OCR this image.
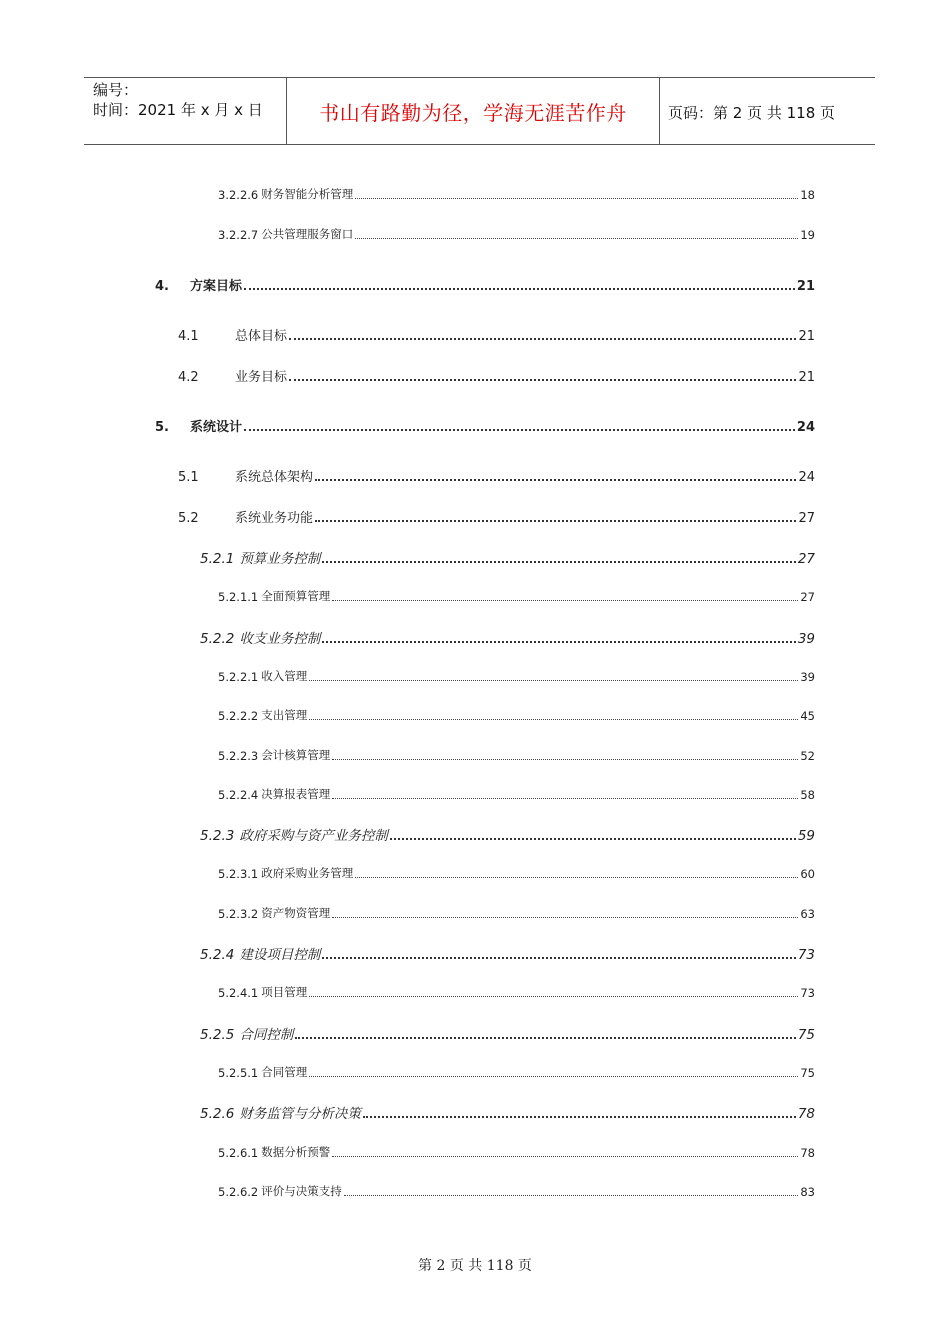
编号：
时间：2021 年 x 月 x 日	书山有路勤为径，学海无涯苦作舟	页码：第 2 页 共 118 页
3.2.2.6 财务智能分析管理	18
3.2.2.7 公共管理服务窗口	19
4.	方案目标	21
4.1	总体目标	21
4.2	业务目标	21
5.	系统设计	24
5.1	系统总体架构	24
5.2	系统业务功能	27
5.2.1 预算业务控制	27
5.2.1.1 全面预算管理	27
5.2.2 收支业务控制	39
5.2.2.1 收入管理	39
5.2.2.2 支出管理	45
5.2.2.3 会计核算管理	52
5.2.2.4 决算报表管理	58
5.2.3 政府采购与资产业务控制	59
5.2.3.1 政府采购业务管理	60
5.2.3.2 资产物资管理	63
5.2.4 建设项目控制	73
5.2.4.1 项目管理	73
5.2.5 合同控制	75
5.2.5.1 合同管理	75
5.2.6 财务监管与分析决策	78
5.2.6.1 数据分析预警	78
5.2.6.2 评价与决策支持	83
第 2 页 共 118 页
